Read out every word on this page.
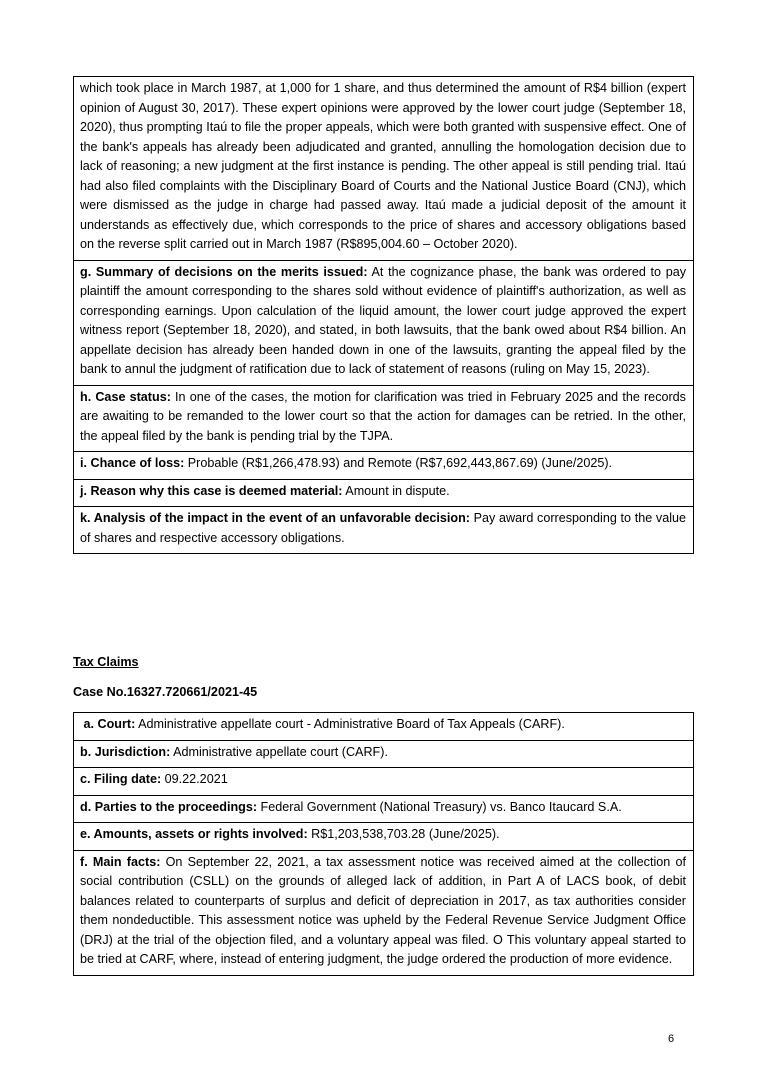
which took place in March 1987, at 1,000 for 1 share, and thus determined the amount of R$4 billion (expert opinion of August 30, 2017). These expert opinions were approved by the lower court judge (September 18, 2020), thus prompting Itaú to file the proper appeals, which were both granted with suspensive effect. One of the bank's appeals has already been adjudicated and granted, annulling the homologation decision due to lack of reasoning; a new judgment at the first instance is pending. The other appeal is still pending trial. Itaú had also filed complaints with the Disciplinary Board of Courts and the National Justice Board (CNJ), which were dismissed as the judge in charge had passed away. Itaú made a judicial deposit of the amount it understands as effectively due, which corresponds to the price of shares and accessory obligations based on the reverse split carried out in March 1987 (R$895,004.60 – October 2020).
g. Summary of decisions on the merits issued: At the cognizance phase, the bank was ordered to pay plaintiff the amount corresponding to the shares sold without evidence of plaintiff's authorization, as well as corresponding earnings. Upon calculation of the liquid amount, the lower court judge approved the expert witness report (September 18, 2020), and stated, in both lawsuits, that the bank owed about R$4 billion. An appellate decision has already been handed down in one of the lawsuits, granting the appeal filed by the bank to annul the judgment of ratification due to lack of statement of reasons (ruling on May 15, 2023).
h. Case status: In one of the cases, the motion for clarification was tried in February 2025 and the records are awaiting to be remanded to the lower court so that the action for damages can be retried. In the other, the appeal filed by the bank is pending trial by the TJPA.
i. Chance of loss: Probable (R$1,266,478.93) and Remote (R$7,692,443,867.69) (June/2025).
j. Reason why this case is deemed material: Amount in dispute.
k. Analysis of the impact in the event of an unfavorable decision: Pay award corresponding to the value of shares and respective accessory obligations.
Tax Claims
Case No.16327.720661/2021-45
a. Court: Administrative appellate court - Administrative Board of Tax Appeals (CARF).
b. Jurisdiction: Administrative appellate court (CARF).
c. Filing date: 09.22.2021
d. Parties to the proceedings: Federal Government (National Treasury) vs. Banco Itaucard S.A.
e. Amounts, assets or rights involved: R$1,203,538,703.28 (June/2025).
f. Main facts: On September 22, 2021, a tax assessment notice was received aimed at the collection of social contribution (CSLL) on the grounds of alleged lack of addition, in Part A of LACS book, of debit balances related to counterparts of surplus and deficit of depreciation in 2017, as tax authorities consider them nondeductible. This assessment notice was upheld by the Federal Revenue Service Judgment Office (DRJ) at the trial of the objection filed, and a voluntary appeal was filed. O This voluntary appeal started to be tried at CARF, where, instead of entering judgment, the judge ordered the production of more evidence.
6
